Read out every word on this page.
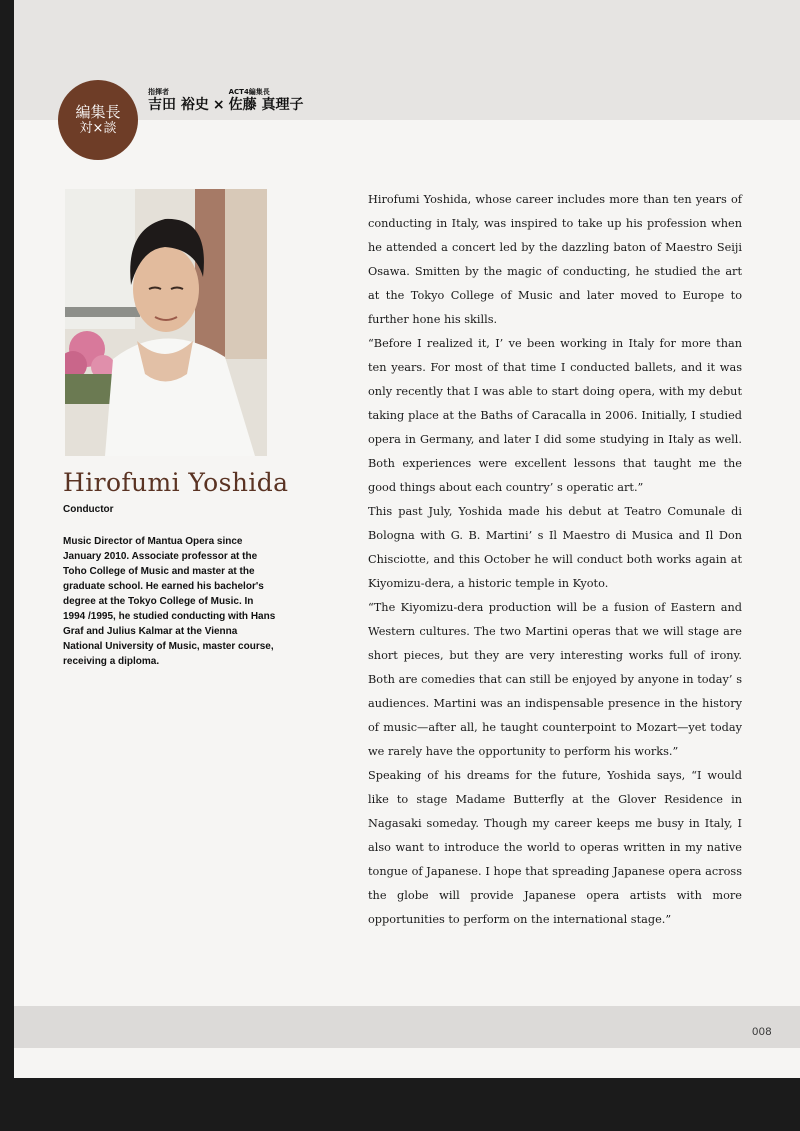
編集長
対×談
指揮者
吉田 裕史 ×
ACT4編集長
佐藤 真理子
Hirofumi Yoshida
Conductor
Music Director of Mantua Opera since January 2010. Associate professor at the Toho College of Music and master at the graduate school. He earned his bachelor's degree at the Tokyo College of Music. In 1994 /1995, he studied conducting with Hans Graf and Julius Kalmar at the Vienna National University of Music, master course, receiving a diploma.

Hirofumi Yoshida, whose career includes more than ten years of conducting in Italy, was inspired to take up his profession when he attended a concert led by the dazzling baton of Maestro Seiji Osawa. Smitten by the magic of conducting, he studied the art at the Tokyo College of Music and later moved to Europe to further hone his skills.

“Before I realized it, I’ ve been working in Italy for more than ten years. For most of that time I conducted ballets, and it was only recently that I was able to start doing opera, with my debut taking place at the Baths of Caracalla in 2006. Initially, I studied opera in Germany, and later I did some studying in Italy as well. Both experiences were excellent lessons that taught me the good things about each country’ s operatic art.”

This past July, Yoshida made his debut at Teatro Comunale di Bologna with G. B. Martini’ s Il Maestro di Musica and Il Don Chisciotte, and this October he will conduct both works again at Kiyomizu-dera, a historic temple in Kyoto.

“The Kiyomizu-dera production will be a fusion of Eastern and Western cultures. The two Martini operas that we will stage are short pieces, but they are very interesting works full of irony. Both are comedies that can still be enjoyed by anyone in today’ s audiences. Martini was an indispensable presence in the history of music—after all, he taught counterpoint to Mozart—yet today we rarely have the opportunity to perform his works.”

Speaking of his dreams for the future, Yoshida says, “I would like to stage Madame Butterfly at the Glover Residence in Nagasaki someday. Though my career keeps me busy in Italy, I also want to introduce the world to operas written in my native tongue of Japanese. I hope that spreading Japanese opera across the globe will provide Japanese opera artists with more opportunities to perform on the international stage.”

008
